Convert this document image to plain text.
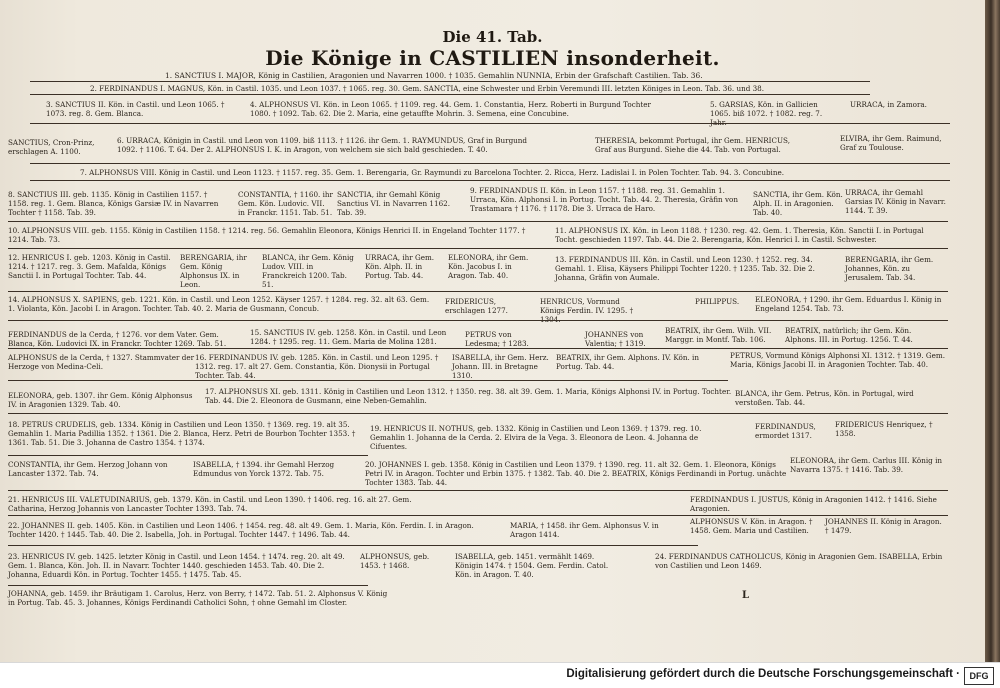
Die 41. Tab.
Die Könige in CASTILIEN insonderheit.
1. SANCTIUS I. MAJOR, König in Castilien, Aragonien und Navarren 1000. † 1035. Gemahlin NUNNIA, Erbin der Grafschaft Castilien. Tab. 36.
2. FERDINANDUS I. MAGNUS, Kön. in Castil. 1035. und Leon 1037. † 1065. reg. 30. Gem. SANCTIA, eine Schwester und Erbin Veremundi III. letzten Königes in Leon. Tab. 36. und 38.
3. SANCTIUS II. Kön. in Castil. und Leon 1065. † 1073. reg. 8. Gem. Blanca.
4. ALPHONSUS VI. Kön. in Leon 1065. † 1109. reg. 44. Gem. 1. Constantia, Herz. Roberti in Burgund Tochter 1080. † 1092. Tab. 62. Die 2. Maria, eine getauffte Mohrin. 3. Semena, eine Concubine.
5. GARSIAS, Kön. in Gallicien 1065. biß 1072. † 1082. reg. 7. Jahr.
URRACA, in Zamora.
SANCTIUS, Cron-Prinz, erschlagen A. 1100.
6. URRACA, Königin in Castil. und Leon von 1109. biß 1113. † 1126. ihr Gem. 1. RAYMUNDUS, Graf in Burgund 1092. † 1106. T. 64. Der 2. ALPHONSUS I. K. in Aragon, von welchem sie sich bald geschieden. T. 40.
THERESIA, bekommt Portugal, ihr Gem. HENRICUS, Graf aus Burgund. Siehe die 44. Tab. von Portugal.
ELVIRA, ihr Gem. Raimund, Graf zu Toulouse.
7. ALPHONSUS VIII. König in Castil. und Leon 1123. † 1157. reg. 35. Gem. 1. Berengaria, Gr. Raymundi zu Barcelona Tochter. 2. Ricca, Herz. Ladislai I. in Polen Tochter. Tab. 94. 3. Concubine.
8. SANCTIUS III. geb. 1135. König in Castilien 1157. † 1158. reg. 1. Gem. Blanca, Königs Garsiæ IV. in Navarren Tochter † 1158. Tab. 39.
CONSTANTIA, † 1160. ihr Gem. Kön. Ludovic. VII. in Franckr. 1151. Tab. 51.
SANCTIA, ihr Gemahl König Sanctius VI. in Navarren 1162. Tab. 39.
9. FERDINANDUS II. Kön. in Leon 1157. † 1188. reg. 31. Gemahlin 1. Urraca, Kön. Alphonsi I. in Portug. Tocht. Tab. 44. 2. Theresia, Gräfin von Trastamara † 1176. † 1178. Die 3. Urraca de Haro.
SANCTIA, ihr Gem. Kön. Alph. II. in Aragonien. Tab. 40.
URRACA, ihr Gemahl Garsias IV. König in Navarr. 1144. T. 39.
10. ALPHONSUS VIII. geb. 1155. König in Castilien 1158. † 1214. reg. 56. Gemahlin Eleonora, Königs Henrici II. in Engeland Tochter 1177. † 1214. Tab. 73.
11. ALPHONSUS IX. Kön. in Leon 1188. † 1230. reg. 42. Gem. 1. Theresia, Kön. Sanctii I. in Portugal Tocht. geschieden 1197. Tab. 44. Die 2. Berengaria, Kön. Henrici I. in Castil. Schwester.
12. HENRICUS I. geb. 1203. König in Castil. 1214. † 1217. reg. 3. Gem. Mafalda, Königs Sanctii I. in Portugal Tochter. Tab. 44.
BERENGARIA, ihr Gem. König Alphonsus IX. in Leon.
BLANCA, ihr Gem. König Ludov. VIII. in Franckreich 1200. Tab. 51.
URRACA, ihr Gem. Kön. Alph. II. in Portug. Tab. 44.
ELEONORA, ihr Gem. Kön. Jacobus I. in Aragon. Tab. 40.
13. FERDINANDUS III. Kön. in Castil. und Leon 1230. † 1252. reg. 34. Gemahl. 1. Elisa, Käysers Philippi Tochter 1220. † 1235. Tab. 32. Die 2. Johanna, Gräfin von Aumale.
BERENGARIA, ihr Gem. Johannes, Kön. zu Jerusalem. Tab. 34.
14. ALPHONSUS X. SAPIENS, geb. 1221. Kön. in Castil. und Leon 1252. Käyser 1257. † 1284. reg. 32. alt 63. Gem. 1. Violanta, Kön. Jacobi I. in Aragon. Tochter. Tab. 40. 2. Maria de Gusmann, Concub.
FRIDERICUS, erschlagen 1277.
HENRICUS, Vormund Königs Ferdin. IV. 1295. † 1304.
PHILIPPUS. ELEONORA, † 1290. ihr Gem. Eduardus I. König in Engeland 1254. Tab. 73.
FERDINANDUS de la Cerda, † 1276. vor dem Vater. Gem. Blanca, Kön. Ludovici IX. in Franckr. Tochter 1269. Tab. 51.
15. SANCTIUS IV. geb. 1258. Kön. in Castil. und Leon 1284. † 1295. reg. 11. Gem. Maria de Molina 1281.
PETRUS von Ledesma; † 1283.
JOHANNES von Valentia; † 1319.
BEATRIX, ihr Gem. Wilh. VII. Marggr. in Montf. Tab. 106.
BEATRIX, natürlich; ihr Gem. Kön. Alphons. III. in Portug. 1256. T. 44.
ALPHONSUS de la Cerda, † 1327. Stammvater der Herzoge von Medina-Celi.
16. FERDINANDUS IV. geb. 1285. Kön. in Castil. und Leon 1295. † 1312. reg. 17. alt 27. Gem. Constantia, Kön. Dionysii in Portugal Tochter. Tab. 44.
ISABELLA, ihr Gem. Herz. Johann. III. in Bretagne 1310.
BEATRIX, ihr Gem. Alphons. IV. Kön. in Portug. Tab. 44.
PETRUS, Vormund Königs Alphonsi XI. 1312. † 1319. Gem. Maria, Königs Jacobi II. in Aragonien Tochter. Tab. 40.
ELEONORA, geb. 1307. ihr Gem. König Alphonsus IV. in Aragonien 1329. Tab. 40.
17. ALPHONSUS XI. geb. 1311. König in Castilien und Leon 1312. † 1350. reg. 38. alt 39. Gem. 1. Maria, Königs Alphonsi IV. in Portug. Tochter. Tab. 44. Die 2. Eleonora de Gusmann, eine Neben-Gemahlin.
BLANCA, ihr Gem. Petrus, Kön. in Portugal, wird verstoßen. Tab. 44.
18. PETRUS CRUDELIS, geb. 1334. König in Castilien und Leon 1350. † 1369. reg. 19. alt 35. Gemahlin 1. Maria Padillia 1352. † 1361. Die 2. Blanca, Herz. Petri de Bourbon Tochter 1353. † 1361. Tab. 51. Die 3. Johanna de Castro 1354. † 1374.
19. HENRICUS II. NOTHUS, geb. 1332. König in Castilien und Leon 1369. † 1379. reg. 10. Gemahlin 1. Johanna de la Cerda. 2. Elvira de la Vega. 3. Eleonora de Leon. 4. Johanna de Cifuentes.
FERDINANDUS, ermordet 1317.
FRIDERICUS Henriquez, † 1358.
CONSTANTIA, ihr Gem. Herzog Johann von Lancaster 1372. Tab. 74.
ISABELLA, † 1394. ihr Gemahl Herzog Edmundus von Yorck 1372. Tab. 75.
20. JOHANNES I. geb. 1358. König in Castilien und Leon 1379. † 1390. reg. 11. alt 32. Gem. 1. Eleonora, Königs Petri IV. in Aragon. Tochter und Erbin 1375. † 1382. Tab. 40. Die 2. BEATRIX, Königs Ferdinandi in Portug. unächte Tochter 1383. Tab. 44.
ELEONORA, ihr Gem. Carlus III. König in Navarra 1375. † 1416. Tab. 39.
21. HENRICUS III. VALETUDINARIUS, geb. 1379. Kön. in Castil. und Leon 1390. † 1406. reg. 16. alt 27. Gem. Catharina, Herzog Johannis von Lancaster Tochter 1393. Tab. 74.
FERDINANDUS I. JUSTUS, König in Aragonien 1412. † 1416. Siehe Aragonien.
22. JOHANNES II. geb. 1405. Kön. in Castilien und Leon 1406. † 1454. reg. 48. alt 49. Gem. 1. Maria, Kön. Ferdin. I. in Aragon. Tochter 1420. † 1445. Tab. 40. Die 2. Isabella, Joh. in Portugal. Tochter 1447. † 1496. Tab. 44.
MARIA, † 1458. ihr Gem. Alphonsus V. in Aragon 1414.
ALPHONSUS V. Kön. in Aragon. † 1458. Gem. Maria und Castilien.
JOHANNES II. König in Aragon. † 1479.
23. HENRICUS IV. geb. 1425. letzter König in Castil. und Leon 1454. † 1474. reg. 20. alt 49. Gem. 1. Blanca, Kön. Joh. II. in Navarr. Tochter 1440. geschieden 1453. Tab. 40. Die 2. Johanna, Eduardi Kön. in Portug. Tochter 1455. † 1475. Tab. 45.
ALPHONSUS, geb. 1453. † 1468.
ISABELLA, geb. 1451. vermählt 1469. Königin 1474. † 1504. Gem. Ferdin. Catol. Kön. in Aragon. T. 40.
24. FERDINANDUS CATHOLICUS, König in Aragonien Gem. ISABELLA, Erbin von Castilien und Leon 1469.
JOHANNA, geb. 1459. ihr Bräutigam 1. Carolus, Herz. von Berry, † 1472. Tab. 51. 2. Alphonsus V. König in Portug. Tab. 45. 3. Johannes, Königs Ferdinandi Catholici Sohn, † ohne Gemahl im Closter.
L
Digitalisierung gefördert durch die Deutsche Forschungsgemeinschaft ·	DFG
